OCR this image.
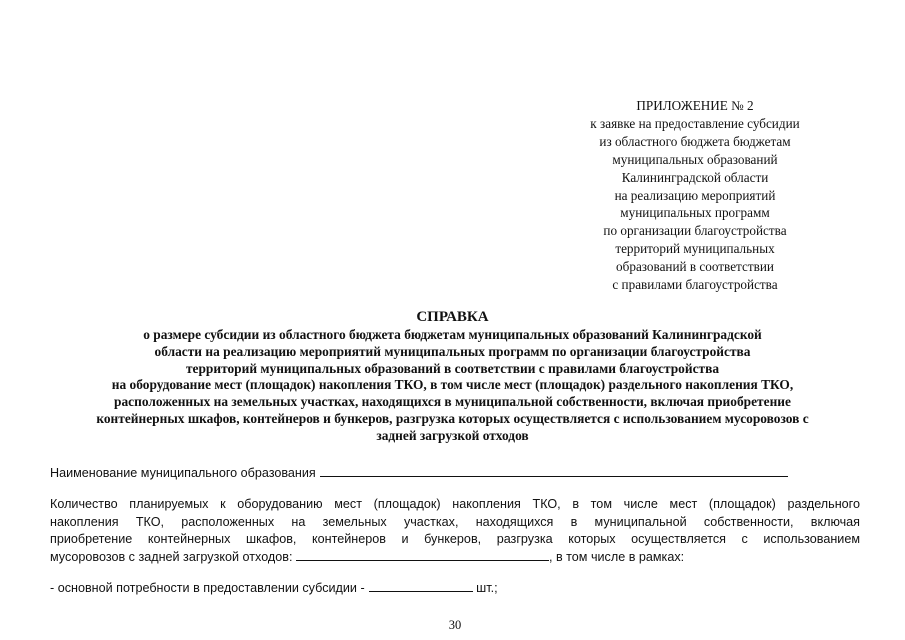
ПРИЛОЖЕНИЕ № 2
к заявке на предоставление субсидии
из областного бюджета бюджетам
муниципальных образований
Калининградской области
на реализацию мероприятий
муниципальных программ
по организации благоустройства
территорий муниципальных
образований в соответствии
с правилами благоустройства
СПРАВКА
о размере субсидии из областного бюджета бюджетам муниципальных образований Калининградской
области на реализацию мероприятий муниципальных программ по организации благоустройства
территорий муниципальных образований в соответствии с правилами благоустройства
на оборудование мест (площадок) накопления ТКО, в том числе мест (площадок) раздельного накопления ТКО,
расположенных на земельных участках, находящихся в муниципальной собственности, включая приобретение
контейнерных шкафов, контейнеров и бункеров, разгрузка которых осуществляется с использованием мусоровозов с
задней загрузкой отходов
Наименование муниципального образования
Количество планируемых к оборудованию мест (площадок) накопления ТКО, в том числе мест (площадок) раздельного
накопления ТКО, расположенных на земельных участках, находящихся в муниципальной собственности, включая
приобретение контейнерных шкафов, контейнеров и бункеров, разгрузка которых осуществляется с использованием
мусоровозов с задней загрузкой отходов:	, в том числе в рамках:
- основной потребности в предоставлении субсидии -	шт.;
30
